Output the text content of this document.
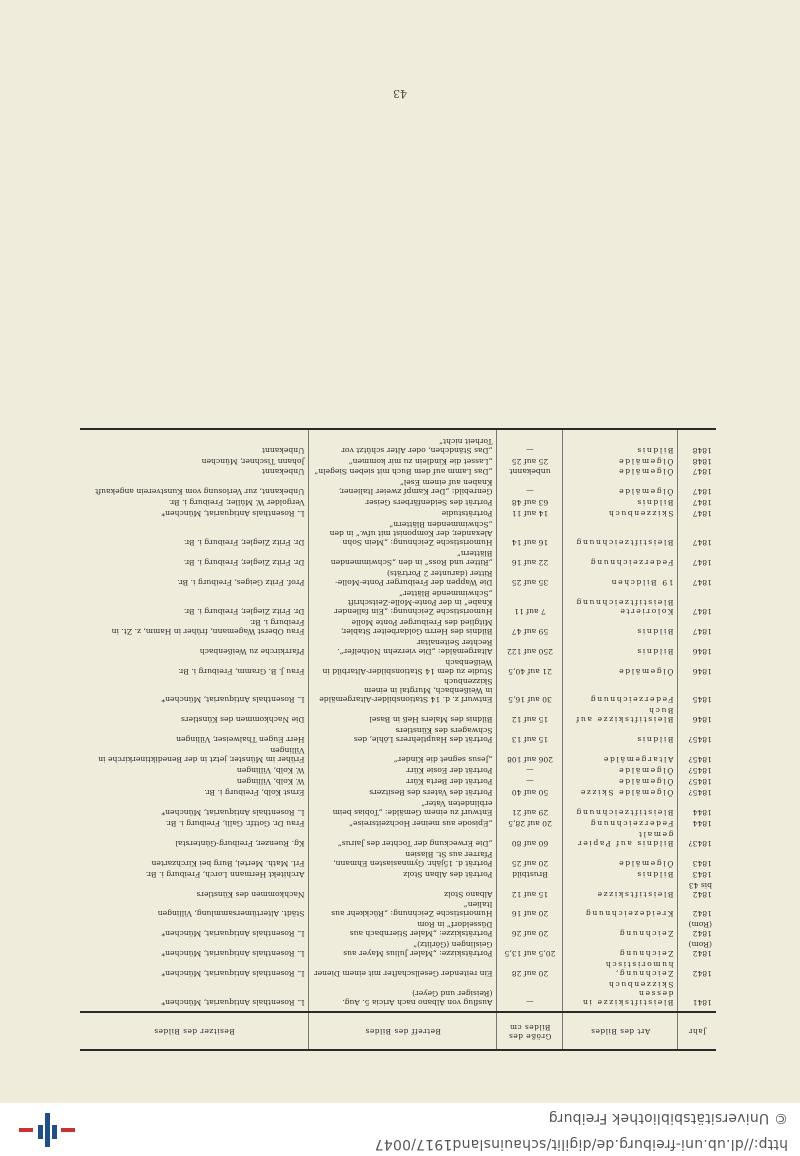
http://dl.ub.uni-freiburg.de/digilit/schauinsland1917/0047
© Universitätsbibliothek Freiburg
43
Jahr	Art des Bildes	Größe des Bildes cm	Betreff des Bildes	Besitzer des Bildes
1841	Bleistiftskizze in dessen Skizzenbuch	—	Ausflug von Albano nach Aricia 5. Aug. (Reisiger und Geyer)	L. Rosenthals Antiquariat, München*
1842	Zeichnung, humoristisch	20 auf 28	Ein reitender Gesellschafter mit einem Diener	L. Rosenthals Antiquariat, München*
1842 (Rom)	Zeichnung	20,5 auf 13,5	Porträtskizze: „Maler Julius Mayer aus Geislingen (Görlitz)“	L. Rosenthals Antiquariat, München*
1842 (Rom)	Zeichnung	20 auf 26	Porträtskizze: „Maler Stiernbach aus Düsseldorf“ in Rom	L. Rosenthals Antiquariat, München*
1842	Kreidezeichnung	20 auf 16	Humoristische Zeichnung: „Rückkehr aus Italien“	Städt. Altertümersammlung, Villingen
1842 bis 43	Bleistiftskizze	15 auf 12	Albano Stolz	Nachkommen des Künstlers
1843	Bildnis	Brustbild	Porträt des Alban Stolz	Architekt Hermann Lorch, Freiburg i. Br.
1843	Ölgemälde	20 auf 25	Porträt d. 15jähr. Gymnasiasten Ehmann, Pfarrer aus St. Blasien	Frl. Math. Mertel, Burg bei Kirchzarten
1843?	Bildnis auf Papier gemalt	60 auf 80	„Die Erweckung der Tochter des Jairus“	Kg. Ruenzer, Freiburg-Günterstal
1844	Federzeichnung	20 auf 28,5	„Episode aus meiner Hochzeitsreise“	Frau Dr. Gottfr. Galli, Freiburg i. Br.
1844	Bleistiftzeichnung	29 auf 21	Entwurf zu einem Gemälde: „Tobias beim erblindeten Vater“	L. Rosenthals Antiquariat, München*
1845?	Ölgemälde Skizze	50 auf 40	Porträt des Vaters des Besitzers	Ernst Kolb, Freiburg i. Br.
1845?	Ölgemälde	—	Porträt der Berta Kürr	W. Kolb, Villingen
1845?	Ölgemälde	—	Porträt der Eosie Kürr	W. Kolb, Villingen
1845?	Altargemälde	206 auf 108	„Jesus segnet die Kinder“	Früher im Münster, jetzt in der Benediktinerkirche in Villingen
1845?	Bildnis	15 auf 13	Porträt des Hauptlehrers Löhle, des Schwagers des Künstlers	Herr Eugen Thalweiser, Villingen
1846	Bleistiftskizze auf Buch	15 auf 12	Bildnis des Malers Heß in Basel	Die Nachkommen des Künstlers
1845	Federzeichnung	30 auf 16,5	Entwurf z. d. 14 Stationsbilder-Altargemälde in Weißenbach, Murgtal in einem Skizzenbuch	L. Rosenthals Antiquariat, München*
1846	Ölgemälde	21 auf 40,5	Studie zu dem 14 Stationsbilder-Altarbild in Weißenbach	Frau J. B. Gramm, Freiburg i. Br.
1846	Bildnis	250 auf 122	Altargemälde: „Die vierzehn Nothelfer“. Rechter Seitenaltar	Pfarrkirche zu Weißenbach
1847	Bildnis	59 auf 47	Bildnis des Herrn Goldarbeiter Stabler, Mitglied des Freiburger Ponte Molle	Frau Oberst Wagemann, früher in Hamm, z. Zt. in Freiburg i. Br.
1847	Kolorierte Bleistiftzeichnung	7 auf 11	Humoristische Zeichnung: „Ein fallender Knabe“ in der Ponte-Molle-Zeitschrift „Schwimmende Blätter“	Dr. Fritz Ziegler, Freiburg i. Br.
1847	19 Bildchen	35 auf 25	Die Wappen der Freiburger Ponte-Molle-Ritter (darunter 2 Porträts)	Prof. Fritz Geiges, Freiburg i. Br.
1847	Federzeichnung	22 auf 16	„Ritter und Ross“ in den „Schwimmenden Blättern“	Dr. Fritz Ziegler, Freiburg i. Br.
1847	Bleistiftzeichnung	16 auf 14	Humoristische Zeichnung: „Mein Sohn Alexander, der Komponist mit ufw.“ in den „Schwimmenden Blättern“	Dr. Fritz Ziegler, Freiburg i. Br.
1847	Skizzenbuch	14 auf 11	Porträtstudie	L. Rosenthals Antiquariat, München*
1847	Bildnis	63 auf 48	Porträt des Seidenfärbers Geiser	Vergolder W. Müller, Freiburg i. Br.
1847	Ölgemälde	—	Genrebild: „Der Kampf zweier Italiener, Knaben auf einem Esel“	Unbekannt, zur Verlosung vom Kunstverein angekauft
1847	Ölgemälde	unbekannt	„Das Lamm auf dem Buch mit sieben Siegeln“	Unbekannt
1848	Ölgemälde	25 auf 25	„Lasset die Kindlein zu mir kommen“	Johann Tischner, München
1848	Bildnis	—	„Das Ständchen, oder Alter schützt vor Torheit nicht“	Unbekannt
